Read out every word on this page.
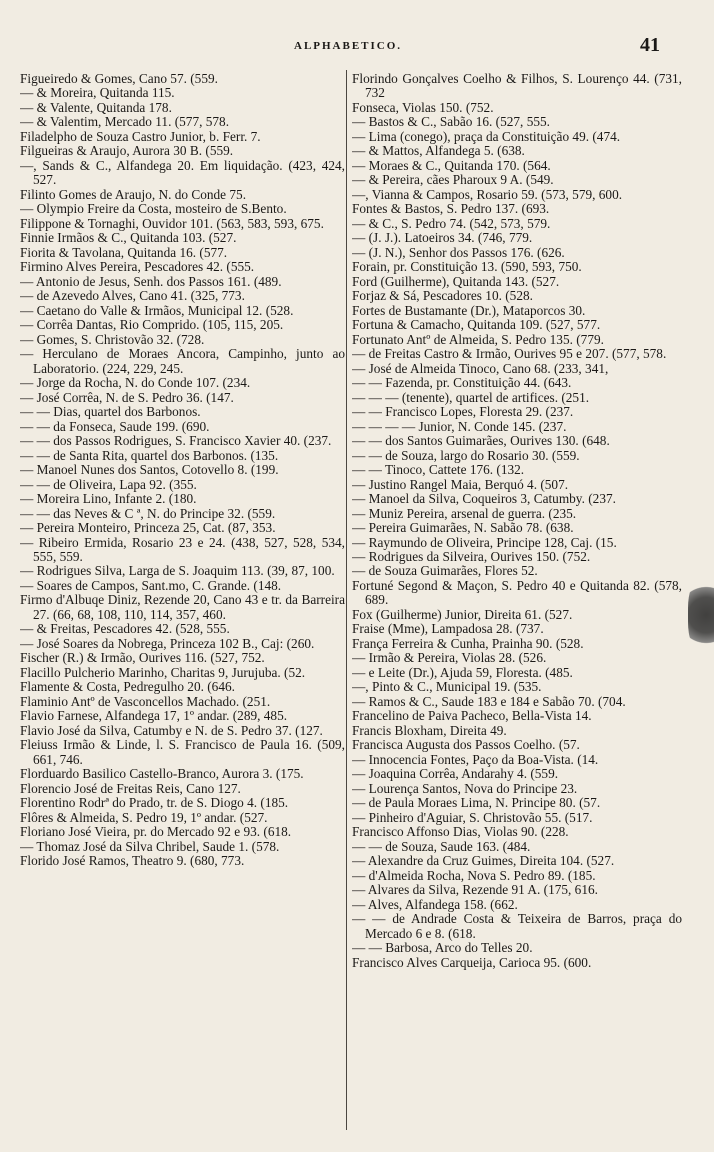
ALPHABETICO.	41
Figueiredo & Gomes, Cano 57. (559.
— & Moreira, Quitanda 115.
— & Valente, Quitanda 178.
— & Valentim, Mercado 11. (577, 578.
Filadelpho de Souza Castro Junior, b. Ferr. 7.
Filgueiras & Araujo, Aurora 30 B. (559.
—, Sands & C., Alfandega 20. Em liquidação. (423, 424, 527.
Filinto Gomes de Araujo, N. do Conde 75.
— Olympio Freire da Costa, mosteiro de S.Bento.
Filippone & Tornaghi, Ouvidor 101. (563, 583, 593, 675.
Finnie Irmãos & C., Quitanda 103. (527.
Fiorita & Tavolana, Quitanda 16. (577.
Firmino Alves Pereira, Pescadores 42. (555.
— Antonio de Jesus, Senh. dos Passos 161. (489.
— de Azevedo Alves, Cano 41. (325, 773.
— Caetano do Valle & Irmãos, Municipal 12. (528.
— Corrêa Dantas, Rio Comprido. (105, 115, 205.
— Gomes, S. Christovão 32. (728.
— Herculano de Moraes Ancora, Campinho, junto ao Laboratorio. (224, 229, 245.
— Jorge da Rocha, N. do Conde 107. (234.
— José Corrêa, N. de S. Pedro 36. (147.
— — Dias, quartel dos Barbonos.
— — da Fonseca, Saude 199. (690.
— — dos Passos Rodrigues, S. Francisco Xavier 40. (237.
— — de Santa Rita, quartel dos Barbonos. (135.
— Manoel Nunes dos Santos, Cotovello 8. (199.
— — de Oliveira, Lapa 92. (355.
— Moreira Lino, Infante 2. (180.
— — das Neves & C ª, N. do Principe 32. (559.
— Pereira Monteiro, Princeza 25, Cat. (87, 353.
— Ribeiro Ermida, Rosario 23 e 24. (438, 527, 528, 534, 555, 559.
— Rodrigues Silva, Larga de S. Joaquim 113. (39, 87, 100.
— Soares de Campos, Sant.mo, C. Grande. (148.
Firmo d'Albuqe Diniz, Rezende 20, Cano 43 e tr. da Barreira 27. (66, 68, 108, 110, 114, 357, 460.
— & Freitas, Pescadores 42. (528, 555.
— José Soares da Nobrega, Princeza 102 B., Caj: (260.
Fischer (R.) & Irmão, Ourives 116. (527, 752.
Flacillo Pulcherio Marinho, Charitas 9, Jurujuba. (52.
Flamente & Costa, Pedregulho 20. (646.
Flaminio Antº de Vasconcellos Machado. (251.
Flavio Farnese, Alfandega 17, 1º andar. (289, 485.
Flavio José da Silva, Catumby e N. de S. Pedro 37. (127.
Fleiuss Irmão & Linde, l. S. Francisco de Paula 16. (509, 661, 746.
Florduardo Basilico Castello-Branco, Aurora 3. (175.
Florencio José de Freitas Reis, Cano 127.
Florentino Rodrª do Prado, tr. de S. Diogo 4. (185.
Flôres & Almeida, S. Pedro 19, 1º andar. (527.
Floriano José Vieira, pr. do Mercado 92 e 93. (618.
— Thomaz José da Silva Chribel, Saude 1. (578.
Florido José Ramos, Theatro 9. (680, 773.
Florindo Gonçalves Coelho & Filhos, S. Lourenço 44. (731, 732
Fonseca, Violas 150. (752.
— Bastos & C., Sabão 16. (527, 555.
— Lima (conego), praça da Constituição 49. (474.
— & Mattos, Alfandega 5. (638.
— Moraes & C., Quitanda 170. (564.
— & Pereira, cães Pharoux 9 A. (549.
—, Vianna & Campos, Rosario 59. (573, 579, 600.
Fontes & Bastos, S. Pedro 137. (693.
— & C., S. Pedro 74. (542, 573, 579.
— (J. J.). Latoeiros 34. (746, 779.
— (J. N.), Senhor dos Passos 176. (626.
Forain, pr. Constituição 13. (590, 593, 750.
Ford (Guilherme), Quitanda 143. (527.
Forjaz & Sá, Pescadores 10. (528.
Fortes de Bustamante (Dr.), Mataporcos 30.
Fortuna & Camacho, Quitanda 109. (527, 577.
Fortunato Antº de Almeida, S. Pedro 135. (779.
— de Freitas Castro & Irmão, Ourives 95 e 207. (577, 578.
— José de Almeida Tinoco, Cano 68. (233, 341,
— — Fazenda, pr. Constituição 44. (643.
— — — (tenente), quartel de artifices. (251.
— — Francisco Lopes, Floresta 29. (237.
— — — — Junior, N. Conde 145. (237.
— — dos Santos Guimarães, Ourives 130. (648.
— — de Souza, largo do Rosario 30. (559.
— — Tinoco, Cattete 176. (132.
— Justino Rangel Maia, Berquó 4. (507.
— Manoel da Silva, Coqueiros 3, Catumby. (237.
— Muniz Pereira, arsenal de guerra. (235.
— Pereira Guimarães, N. Sabão 78. (638.
— Raymundo de Oliveira, Principe 128, Caj. (15.
— Rodrigues da Silveira, Ourives 150. (752.
— de Souza Guimarães, Flores 52.
Fortuné Segond & Maçon, S. Pedro 40 e Quitanda 82. (578, 689.
Fox (Guilherme) Junior, Direita 61. (527.
Fraise (Mme), Lampadosa 28. (737.
França Ferreira & Cunha, Prainha 90. (528.
— Irmão & Pereira, Violas 28. (526.
— e Leite (Dr.), Ajuda 59, Floresta. (485.
—, Pinto & C., Municipal 19. (535.
— Ramos & C., Saude 183 e 184 e Sabão 70. (704.
Francelino de Paiva Pacheco, Bella-Vista 14.
Francis Bloxham, Direita 49.
Francisca Augusta dos Passos Coelho. (57.
— Innocencia Fontes, Paço da Boa-Vista. (14.
— Joaquina Corrêa, Andarahy 4. (559.
— Lourença Santos, Nova do Principe 23.
— de Paula Moraes Lima, N. Principe 80. (57.
— Pinheiro d'Aguiar, S. Christovão 55. (517.
Francisco Affonso Dias, Violas 90. (228.
— — de Souza, Saude 163. (484.
— Alexandre da Cruz Guimes, Direita 104. (527.
— d'Almeida Rocha, Nova S. Pedro 89. (185.
— Alvares da Silva, Rezende 91 A. (175, 616.
— Alves, Alfandega 158. (662.
— — de Andrade Costa & Teixeira de Barros, praça do Mercado 6 e 8. (618.
— — Barbosa, Arco do Telles 20.
Francisco Alves Carqueija, Carioca 95. (600.
